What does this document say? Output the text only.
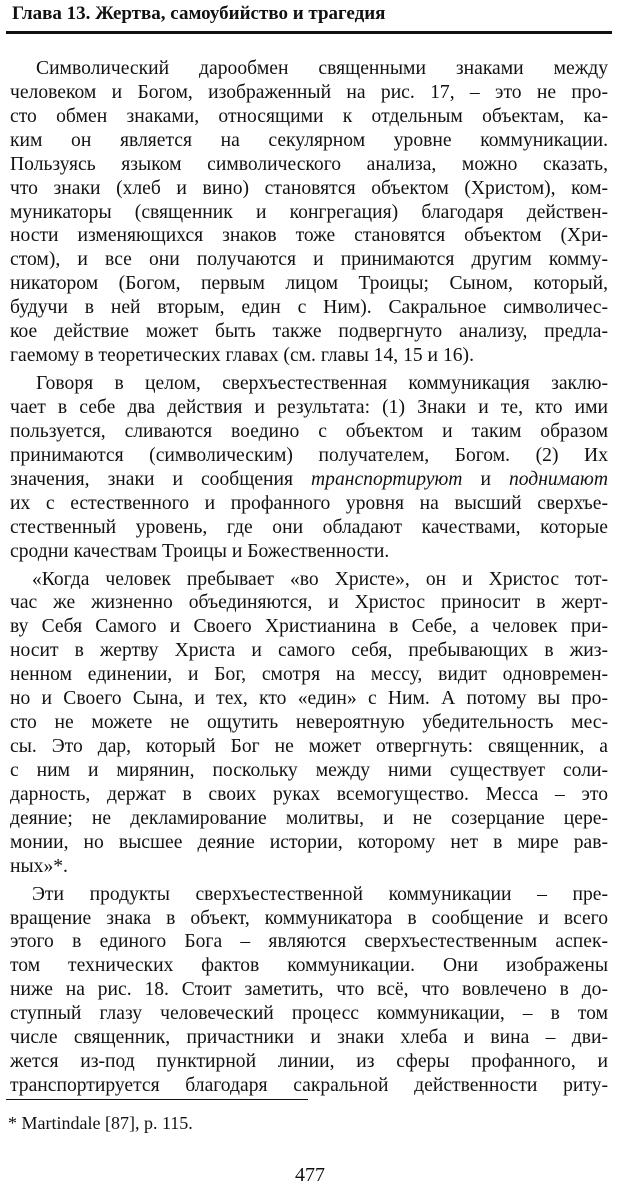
Глава 13. Жертва, самоубийство и трагедия
Символический дарообмен священными знаками между
человеком и Богом, изображенный на рис. 17, – это не про-
сто обмен знаками, относящими к отдельным объектам, ка-
ким он является на секулярном уровне коммуникации.
Пользуясь языком символического анализа, можно сказать,
что знаки (хлеб и вино) становятся объектом (Христом), ком-
муникаторы (священник и конгрегация) благодаря действен-
ности изменяющихся знаков тоже становятся объектом (Хри-
стом), и все они получаются и принимаются другим комму-
никатором (Богом, первым лицом Троицы; Сыном, который,
будучи в ней вторым, един с Ним). Сакральное символичес-
кое действие может быть также подвергнуто анализу, предла-
гаемому в теоретических главах (см. главы 14, 15 и 16).
Говоря в целом, сверхъестественная коммуникация заклю-
чает в себе два действия и результата: (1) Знаки и те, кто ими
пользуется, сливаются воедино с объектом и таким образом
принимаются (символическим) получателем, Богом. (2) Их
значения, знаки и сообщения транспортируют и поднимают
их с естественного и профанного уровня на высший сверхъе-
стественный уровень, где они обладают качествами, которые
сродни качествам Троицы и Божественности.
«Когда человек пребывает «во Христе», он и Христос тот-
час же жизненно объединяются, и Христос приносит в жерт-
ву Себя Самого и Своего Христианина в Себе, а человек при-
носит в жертву Христа и самого себя, пребывающих в жиз-
ненном единении, и Бог, смотря на мессу, видит одновремен-
но и Своего Сына, и тех, кто «един» с Ним. А потому вы про-
сто не можете не ощутить невероятную убедительность мес-
сы. Это дар, который Бог не может отвергнуть: священник, а
с ним и мирянин, поскольку между ними существует соли-
дарность, держат в своих руках всемогущество. Месса – это
деяние; не декламирование молитвы, и не созерцание цере-
монии, но высшее деяние истории, которому нет в мире рав-
ных»*.
Эти продукты сверхъестественной коммуникации – пре-
вращение знака в объект, коммуникатора в сообщение и всего
этого в единого Бога – являются сверхъестественным аспек-
том технических фактов коммуникации. Они изображены
ниже на рис. 18. Стоит заметить, что всё, что вовлечено в до-
ступный глазу человеческий процесс коммуникации, – в том
числе священник, причастники и знаки хлеба и вина – дви-
жется из-под пунктирной линии, из сферы профанного, и
транспортируется благодаря сакральной действенности риту-
* Martindale [87], p. 115.
477
